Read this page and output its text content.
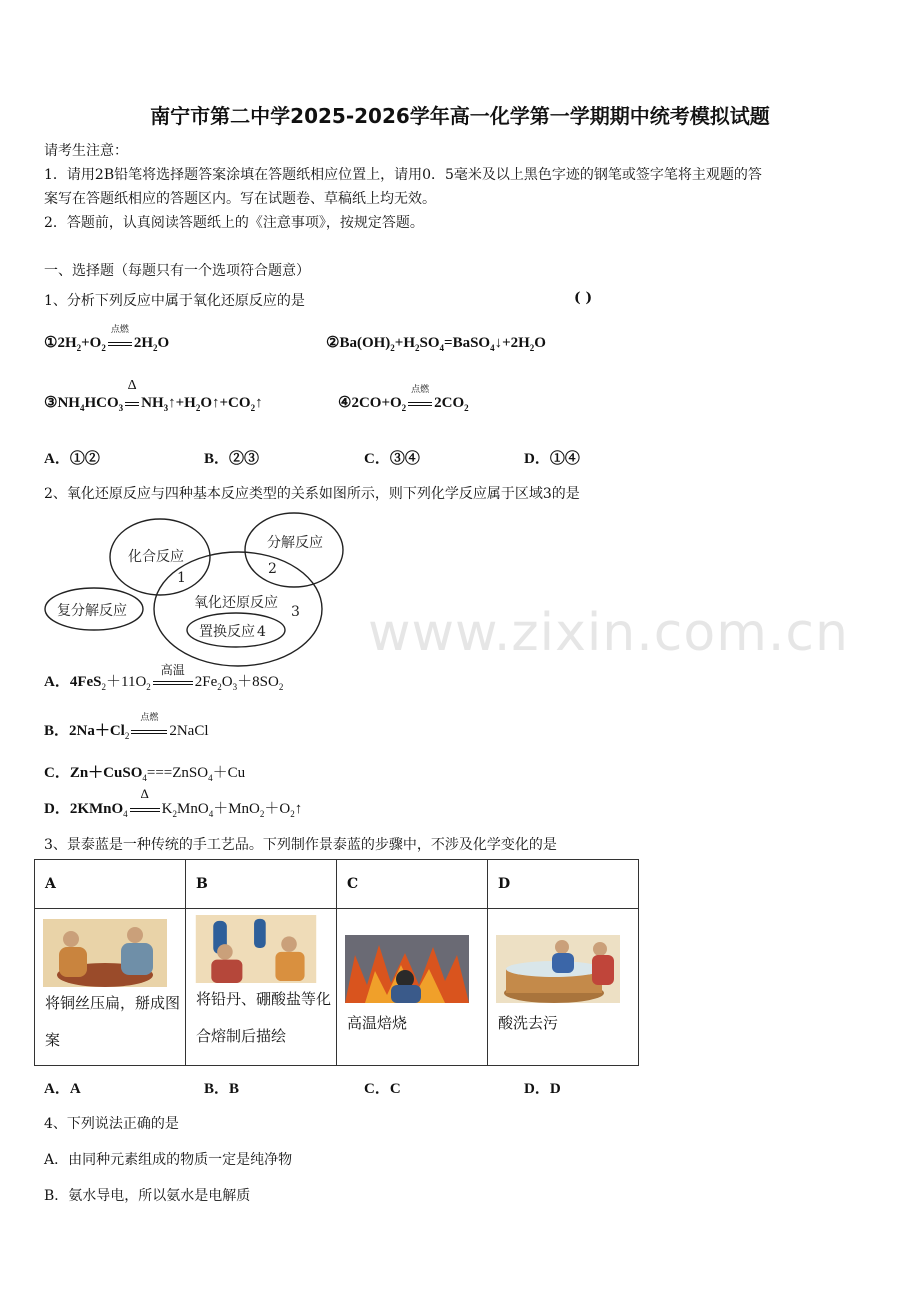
www.zixin.com.cn
南宁市第二中学2025-2026学年高一化学第一学期期中统考模拟试题
请考生注意：
1．请用2B铅笔将选择题答案涂填在答题纸相应位置上，请用0．5毫米及以上黑色字迹的钢笔或签字笔将主观题的答
案写在答题纸相应的答题区内。写在试题卷、草稿纸上均无效。
2．答题前，认真阅读答题纸上的《注意事项》，按规定答题。
一、选择题（每题只有一个选项符合题意）
1、分析下列反应中属于氧化还原反应的是	( )
$①2H_2+O_2$
点燃
$2H_2O$	$②Ba(OH)_2+H_2SO_4=BaSO_4↓+2H_2O$
$③NH_4HCO_3$
Δ
$NH_3↑+H_2O↑+CO_2↑$	$④2CO+O_2$
点燃
$2CO_2$
A．①②	B．②③	C．③④	D．①④
2、氧化还原反应与四种基本反应类型的关系如图所示，则下列化学反应属于区域3的是
化合反应
分解反应
复分解反应	氧化还原反应
置换反应
1
2
3
4
A．$4FeS_2+11O_2$
高温
$2Fe_2O_3+8SO_2$
B．$2Na+Cl_2$
点燃
2NaCl
C．Zn＋CuSO$_4$===ZnSO$_4$＋Cu
D．2KMnO$_4$
Δ
$K_2MnO_4+MnO_2+O_2↑$
3、景泰蓝是一种传统的手工艺品。下列制作景泰蓝的步骤中，不涉及化学变化的是
A	B	C	D

将铜丝压扁，掰成图案	将铅丹、硼酸盐等化合熔制后描绘	高温焙烧	酸洗去污
A．A	B．B	C．C	D．D
4、下列说法正确的是
A．由同种元素组成的物质一定是纯净物
B．氨水导电，所以氨水是电解质
